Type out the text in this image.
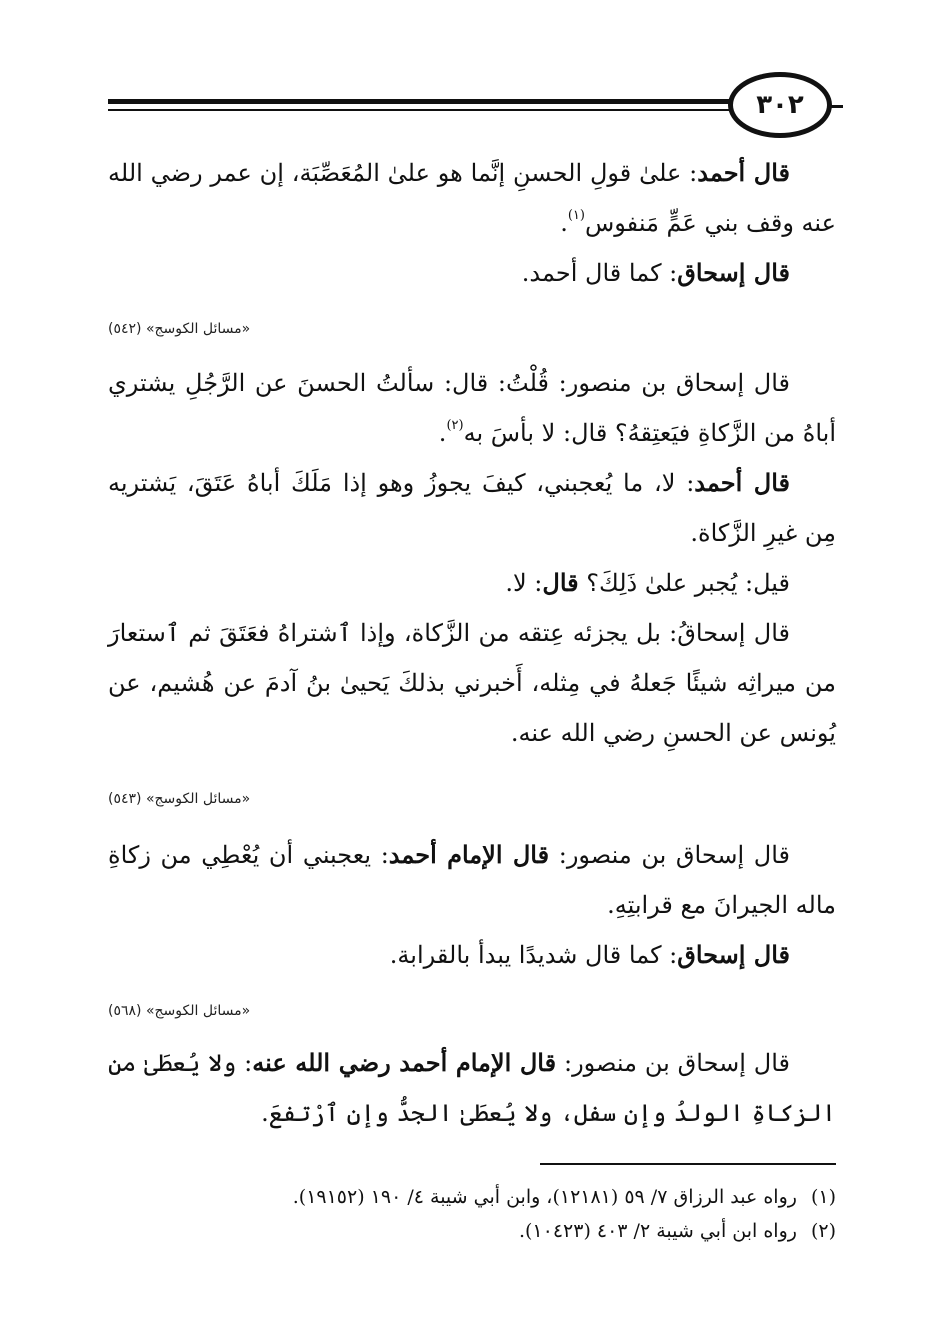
٣٠٢

قال أحمد: علىٰ قولِ الحسنِ إنَّما هو علىٰ المُعَصِّبَة، إن عمر رضي الله عنه وقف بني عَمٍّ مَنفوس$^{(١)}$.

قال إسحاق: كما قال أحمد.

«مسائل الكوسج» (٥٤٢)

قال إسحاق بن منصور: قُلْتُ: قال: سألتُ الحسنَ عن الرَّجُلِ يشتري أباهُ من الزَّكاةِ فيَعتِقهُ؟ قال: لا بأسَ به$^{(٢)}$.

قال أحمد: لا، ما يُعجبني، كيفَ يجوزُ وهو إذا مَلَكَ أباهُ عَتَقَ، يَشتريه مِن غيرِ الزَّكاة.

قيل: يُجبر علىٰ ذَلِكَ؟ قال: لا.

قال إسحاقُ: بل يجزئه عِتقه من الزَّكاة، وإذا ٱشتراهُ فعَتَقَ ثم ٱستعارَ من ميراثِه شيئًا جَعلهُ في مِثله، أَخبرني بذلكَ يَحيىٰ بنُ آدمَ عن هُشيم، عن يُونس عن الحسنِ رضي الله عنه.

«مسائل الكوسج» (٥٤٣)

قال إسحاق بن منصور: قال الإمام أحمد: يعجبني أن يُعْطِي من زكاةِ ماله الجيرانَ مع قرابتِهِ.

قال إسحاق: كما قال شديدًا يبدأ بالقرابة.

«مسائل الكوسج» (٥٦٨)

قال إسحاق بن منصور: قال الإمام أحمد رضي الله عنه: ولا يُعطَىٰ من الزكاةِ الولدُ وإن سفل، ولا يُعطَىٰ الجدُّ وإنِ ٱرْتفعَ.

(١)رواه عبد الرزاق ٧/ ٥٩ (١٢١٨١)، وابن أبي شيبة ٤/ ١٩٠ (١٩١٥٢).

(٢)رواه ابن أبي شيبة ٢/ ٤٠٣ (١٠٤٢٣).
